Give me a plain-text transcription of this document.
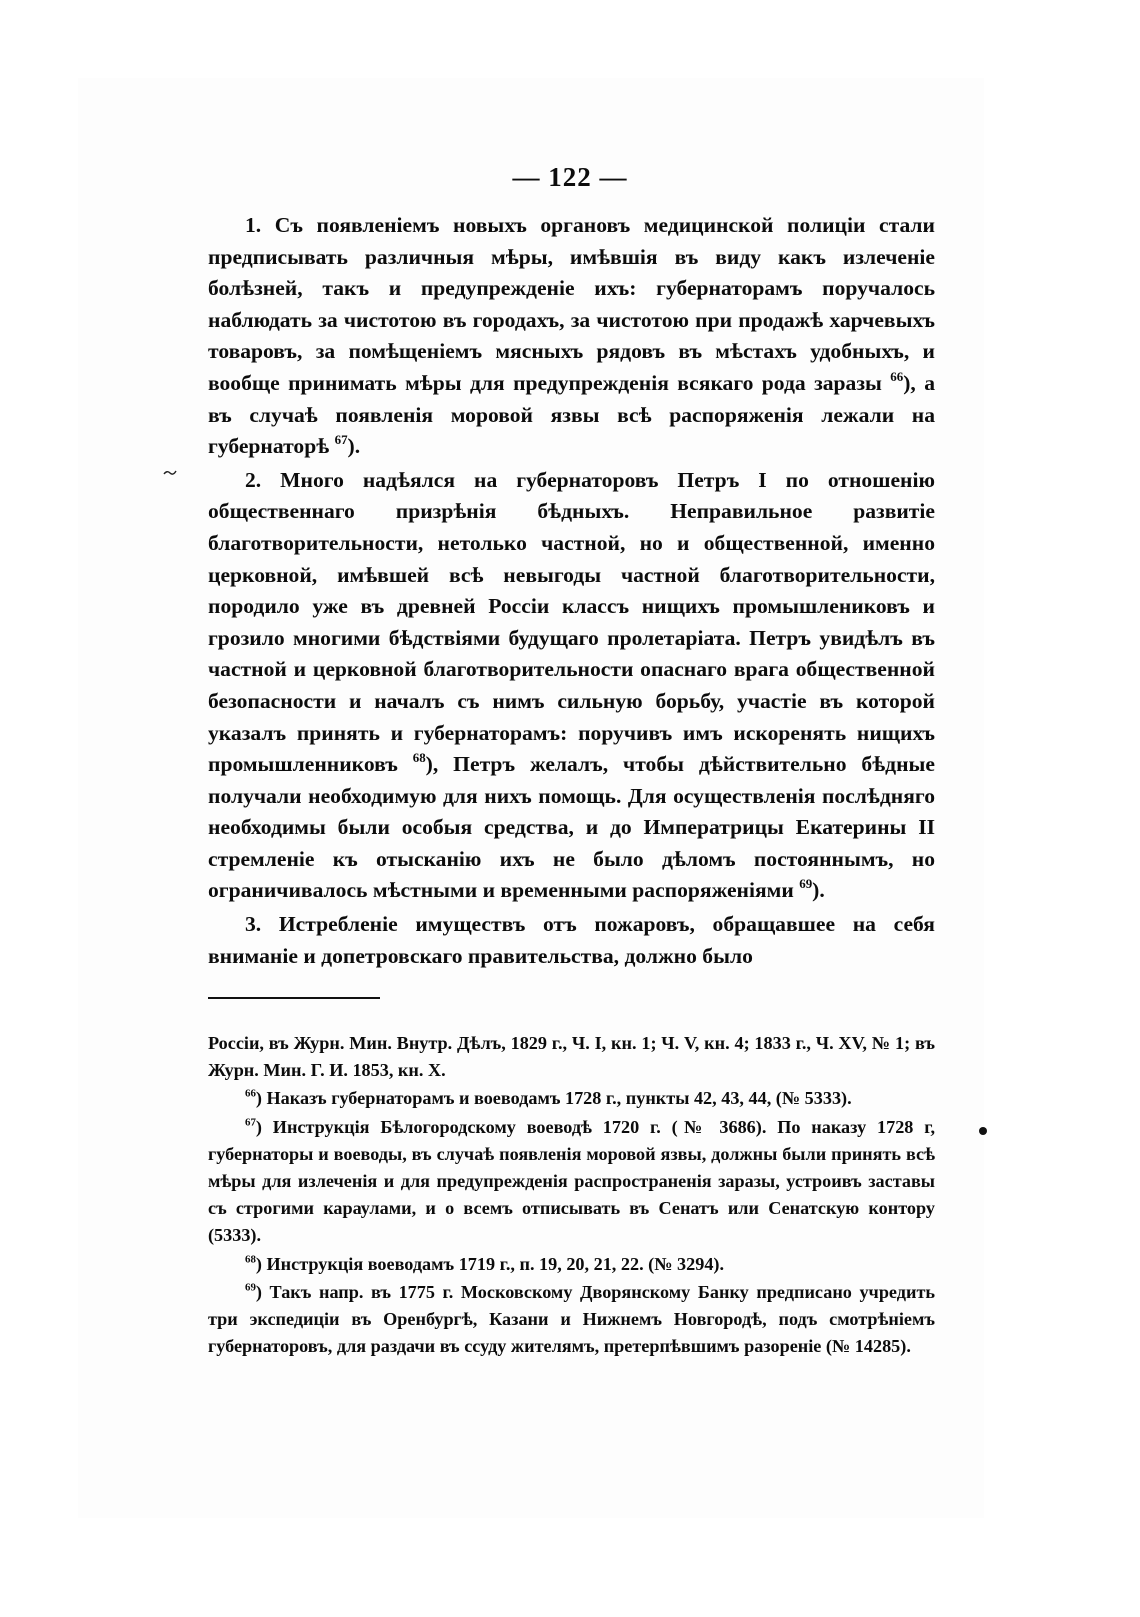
— 122 —

1. Съ появленіемъ новыхъ органовъ медицинской полиціи стали предписывать различныя мѣры, имѣвшія въ виду какъ излеченіе болѣзней, такъ и предупрежденіе ихъ: губернаторамъ поручалось наблюдать за чистотою въ городахъ, за чистотою при продажѣ харчевыхъ товаровъ, за помѣщеніемъ мясныхъ рядовъ въ мѣстахъ удобныхъ, и вообще принимать мѣры для предупрежденія всякаго рода заразы $^{66}$), а въ случаѣ появленія моровой язвы всѣ распоряженія лежали на губернаторѣ $^{67}$).

2. Много надѣялся на губернаторовъ Петръ I по отношенію общественнаго призрѣнія бѣдныхъ. Неправильное развитіе благотворительности, нетолько частной, но и общественной, именно церковной, имѣвшей всѣ невыгоды частной благотворительности, породило уже въ древней Россіи классъ нищихъ промышлениковъ и грозило многими бѣдствіями будущаго пролетаріата. Петръ увидѣлъ въ частной и церковной благотворительности опаснаго врага общественной безопасности и началъ съ нимъ сильную борьбу, участіе въ которой указалъ принять и губернаторамъ: поручивъ имъ искоренять нищихъ промышленниковъ $^{68}$), Петръ желалъ, чтобы дѣйствительно бѣдные получали необходимую для нихъ помощь. Для осуществленія послѣдняго необходимы были особыя средства, и до Императрицы Екатерины II стремленіе къ отысканію ихъ не было дѣломъ постояннымъ, но ограничивалось мѣстными и временными распоряженіями $^{69}$).

3. Истребленіе имуществъ отъ пожаровъ, обращавшее на себя вниманіе и допетровскаго правительства, должно было

Россіи, въ Журн. Мин. Внутр. Дѣлъ, 1829 г., Ч. I, кн. 1; Ч. V, кн. 4; 1833 г., Ч. XV, № 1; въ Журн. Мин. Г. И. 1853, кн. X.

$^{66}$) Наказъ губернаторамъ и воеводамъ 1728 г., пункты 42, 43, 44, (№ 5333).

$^{67}$) Инструкція Бѣлогородскому воеводѣ 1720 г. (№ 3686). По наказу 1728 г, губернаторы и воеводы, въ случаѣ появленія моровой язвы, должны были принять всѣ мѣры для излеченія и для предупрежденія распространенія заразы, устроивъ заставы съ строгими караулами, и о всемъ отписывать въ Сенатъ или Сенатскую контору (5333).

$^{68}$) Инструкція воеводамъ 1719 г., п. 19, 20, 21, 22. (№ 3294).

$^{69}$) Такъ напр. въ 1775 г. Московскому Дворянскому Банку предписано учредить три экспедиціи въ Оренбургѣ, Казани и Нижнемъ Новгородѣ, подъ смотрѣніемъ губернаторовъ, для раздачи въ ссуду жителямъ, претерпѣвшимъ разореніе (№ 14285).
